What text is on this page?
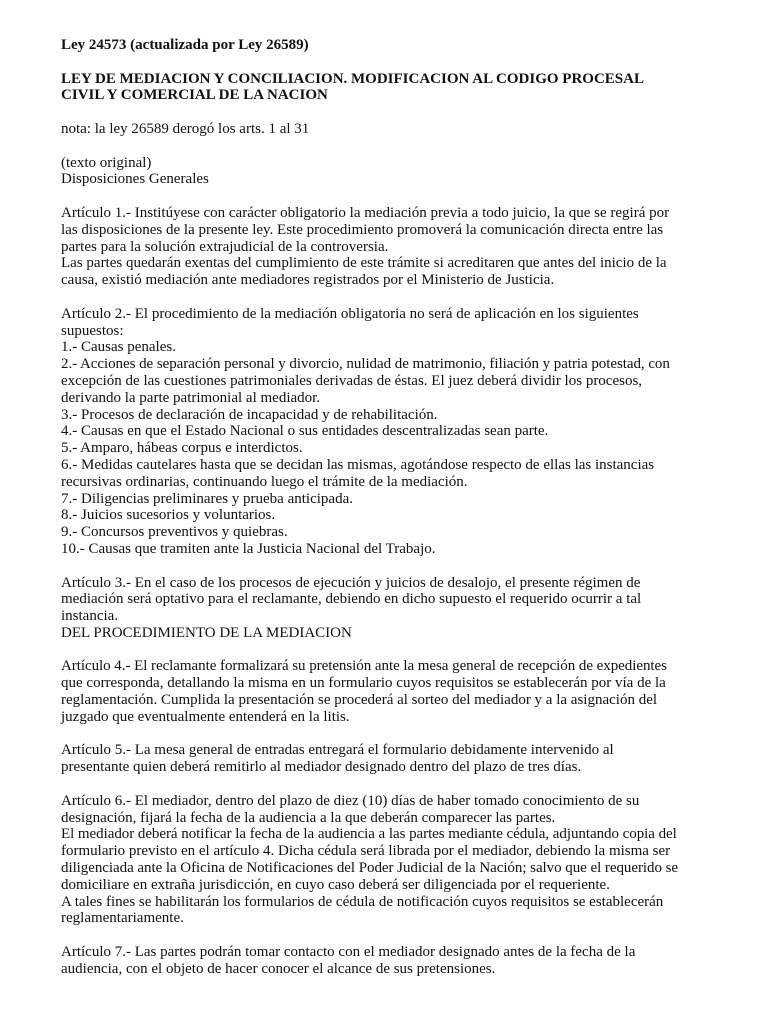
Ley 24573 (actualizada por Ley 26589)

LEY DE MEDIACION Y CONCILIACION. MODIFICACION AL CODIGO PROCESAL
CIVIL Y COMERCIAL DE LA NACION

nota: la ley 26589 derogó los arts. 1 al 31

(texto original)
Disposiciones Generales

Artículo 1.- Institúyese con carácter obligatorio la mediación previa a todo juicio, la que se regirá por
las disposiciones de la presente ley. Este procedimiento promoverá la comunicación directa entre las
partes para la solución extrajudicial de la controversia.
Las partes quedarán exentas del cumplimiento de este trámite si acreditaren que antes del inicio de la
causa, existió mediación ante mediadores registrados por el Ministerio de Justicia.

Artículo 2.- El procedimiento de la mediación obligatoria no será de aplicación en los siguientes
supuestos:
1.- Causas penales.
2.- Acciones de separación personal y divorcio, nulidad de matrimonio, filiación y patria potestad, con
excepción de las cuestiones patrimoniales derivadas de éstas. El juez deberá dividir los procesos,
derivando la parte patrimonial al mediador.
3.- Procesos de declaración de incapacidad y de rehabilitación.
4.- Causas en que el Estado Nacional o sus entidades descentralizadas sean parte.
5.- Amparo, hábeas corpus e interdictos.
6.- Medidas cautelares hasta que se decidan las mismas, agotándose respecto de ellas las instancias
recursivas ordinarias, continuando luego el trámite de la mediación.
7.- Diligencias preliminares y prueba anticipada.
8.- Juicios sucesorios y voluntarios.
9.- Concursos preventivos y quiebras.
10.- Causas que tramiten ante la Justicia Nacional del Trabajo.

Artículo 3.- En el caso de los procesos de ejecución y juicios de desalojo, el presente régimen de
mediación será optativo para el reclamante, debiendo en dicho supuesto el requerido ocurrir a tal
instancia.
DEL PROCEDIMIENTO DE LA MEDIACION

Artículo 4.- El reclamante formalizará su pretensión ante la mesa general de recepción de expedientes
que corresponda, detallando la misma en un formulario cuyos requisitos se establecerán por vía de la
reglamentación. Cumplida la presentación se procederá al sorteo del mediador y a la asignación del
juzgado que eventualmente entenderá en la litis.

Artículo 5.- La mesa general de entradas entregará el formulario debidamente intervenido al
presentante quien deberá remitirlo al mediador designado dentro del plazo de tres días.

Artículo 6.- El mediador, dentro del plazo de diez (10) días de haber tomado conocimiento de su
designación, fijará la fecha de la audiencia a la que deberán comparecer las partes.
El mediador deberá notificar la fecha de la audiencia a las partes mediante cédula, adjuntando copia del
formulario previsto en el artículo 4. Dicha cédula será librada por el mediador, debiendo la misma ser
diligenciada ante la Oficina de Notificaciones del Poder Judicial de la Nación; salvo que el requerido se
domiciliare en extraña jurisdicción, en cuyo caso deberá ser diligenciada por el requeriente.
A tales fines se habilitarán los formularios de cédula de notificación cuyos requisitos se establecerán
reglamentariamente.

Artículo 7.- Las partes podrán tomar contacto con el mediador designado antes de la fecha de la
audiencia, con el objeto de hacer conocer el alcance de sus pretensiones.
